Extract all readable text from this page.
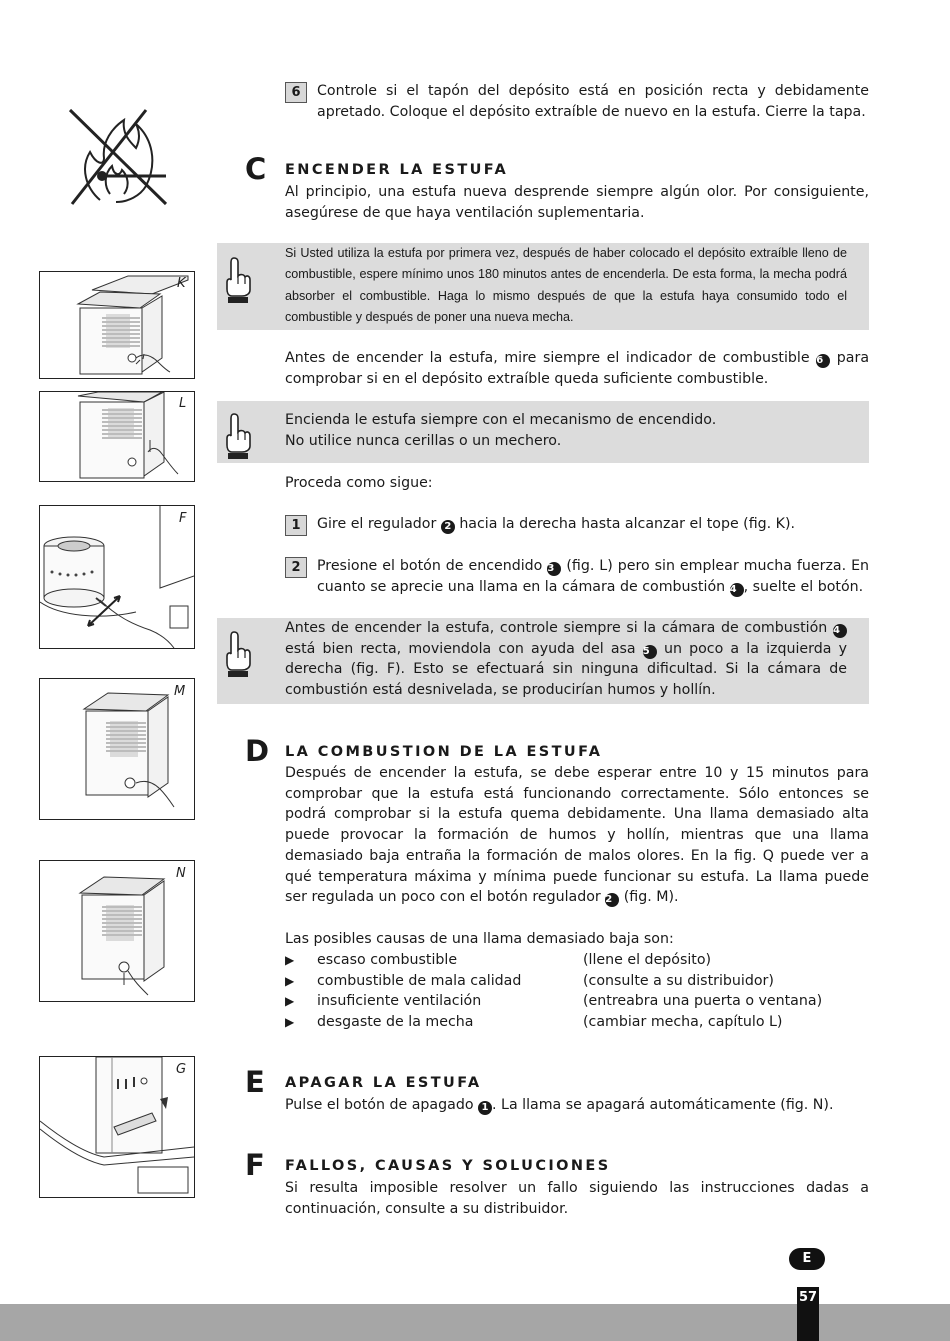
6	Controle si el tapón del depósito está en posición recta y debidamente apretado. Coloque el depósito extraíble de nuevo en la estufa. Cierre la tapa.
C ENCENDER LA ESTUFA
Al principio, una estufa nueva desprende siempre algún olor. Por consiguiente, asegúrese de que haya ventilación suplementaria.
Si Usted utiliza la estufa por primera vez, después de haber colocado el depósito extraíble lleno de combustible, espere mínimo unos 180 minutos antes de encenderla. De esta forma, la mecha podrá absorber el combustible. Haga lo mismo después de que la estufa haya consumido todo el combustible y después de poner una nueva mecha.
Antes de encender la estufa, mire siempre el indicador de combustible 6 para comprobar si en el depósito extraíble queda suficiente combustible.
Encienda le estufa siempre con el mecanismo de encendido.
No utilice nunca cerillas o un mechero.
Proceda como sigue:
1	Gire el regulador 2 hacia la derecha hasta alcanzar el tope (fig. K).
2	Presione el botón de encendido 3 (fig. L) pero sin emplear mucha fuerza. En cuanto se aprecie una llama en la cámara de combustión 4 , suelte el botón.
Antes de encender la estufa, controle siempre si la cámara de combustión 4 está bien recta, moviendola con ayuda del asa 5 un poco a la izquierda y derecha (fig. F). Esto se efectuará sin ninguna dificultad. Si la cámara de combustión está desnivelada, se producirían humos y hollín.
D LA COMBUSTION DE LA ESTUFA
Después de encender la estufa, se debe esperar entre 10 y 15 minutos para comprobar que la estufa está funcionando correctamente. Sólo entonces se podrá comprobar si la estufa quema debidamente. Una llama demasiado alta puede provocar la formación de humos y hollín, mientras que una llama demasiado baja entraña la formación de malos olores. En la fig. Q puede ver a qué temperatura máxima y mínima puede funcionar su estufa. La llama puede ser regulada un poco con el botón regulador 2 (fig. M).
Las posibles causas de una llama demasiado baja son:
▶	escaso combustible	(llene el depósito)
▶	combustible de mala calidad	(consulte a su distribuidor)
▶	insuficiente ventilación	(entreabra una puerta o ventana)
▶	desgaste de la mecha	(cambiar mecha, capítulo L)
E APAGAR LA ESTUFA
Pulse el botón de apagado 1 . La llama se apagará automáticamente (fig. N).
F FALLOS, CAUSAS Y SOLUCIONES
Si resulta imposible resolver un fallo siguiendo las instrucciones dadas a continuación, consulte a su distribuidor.
K
L
F
M
N
G
E
57
